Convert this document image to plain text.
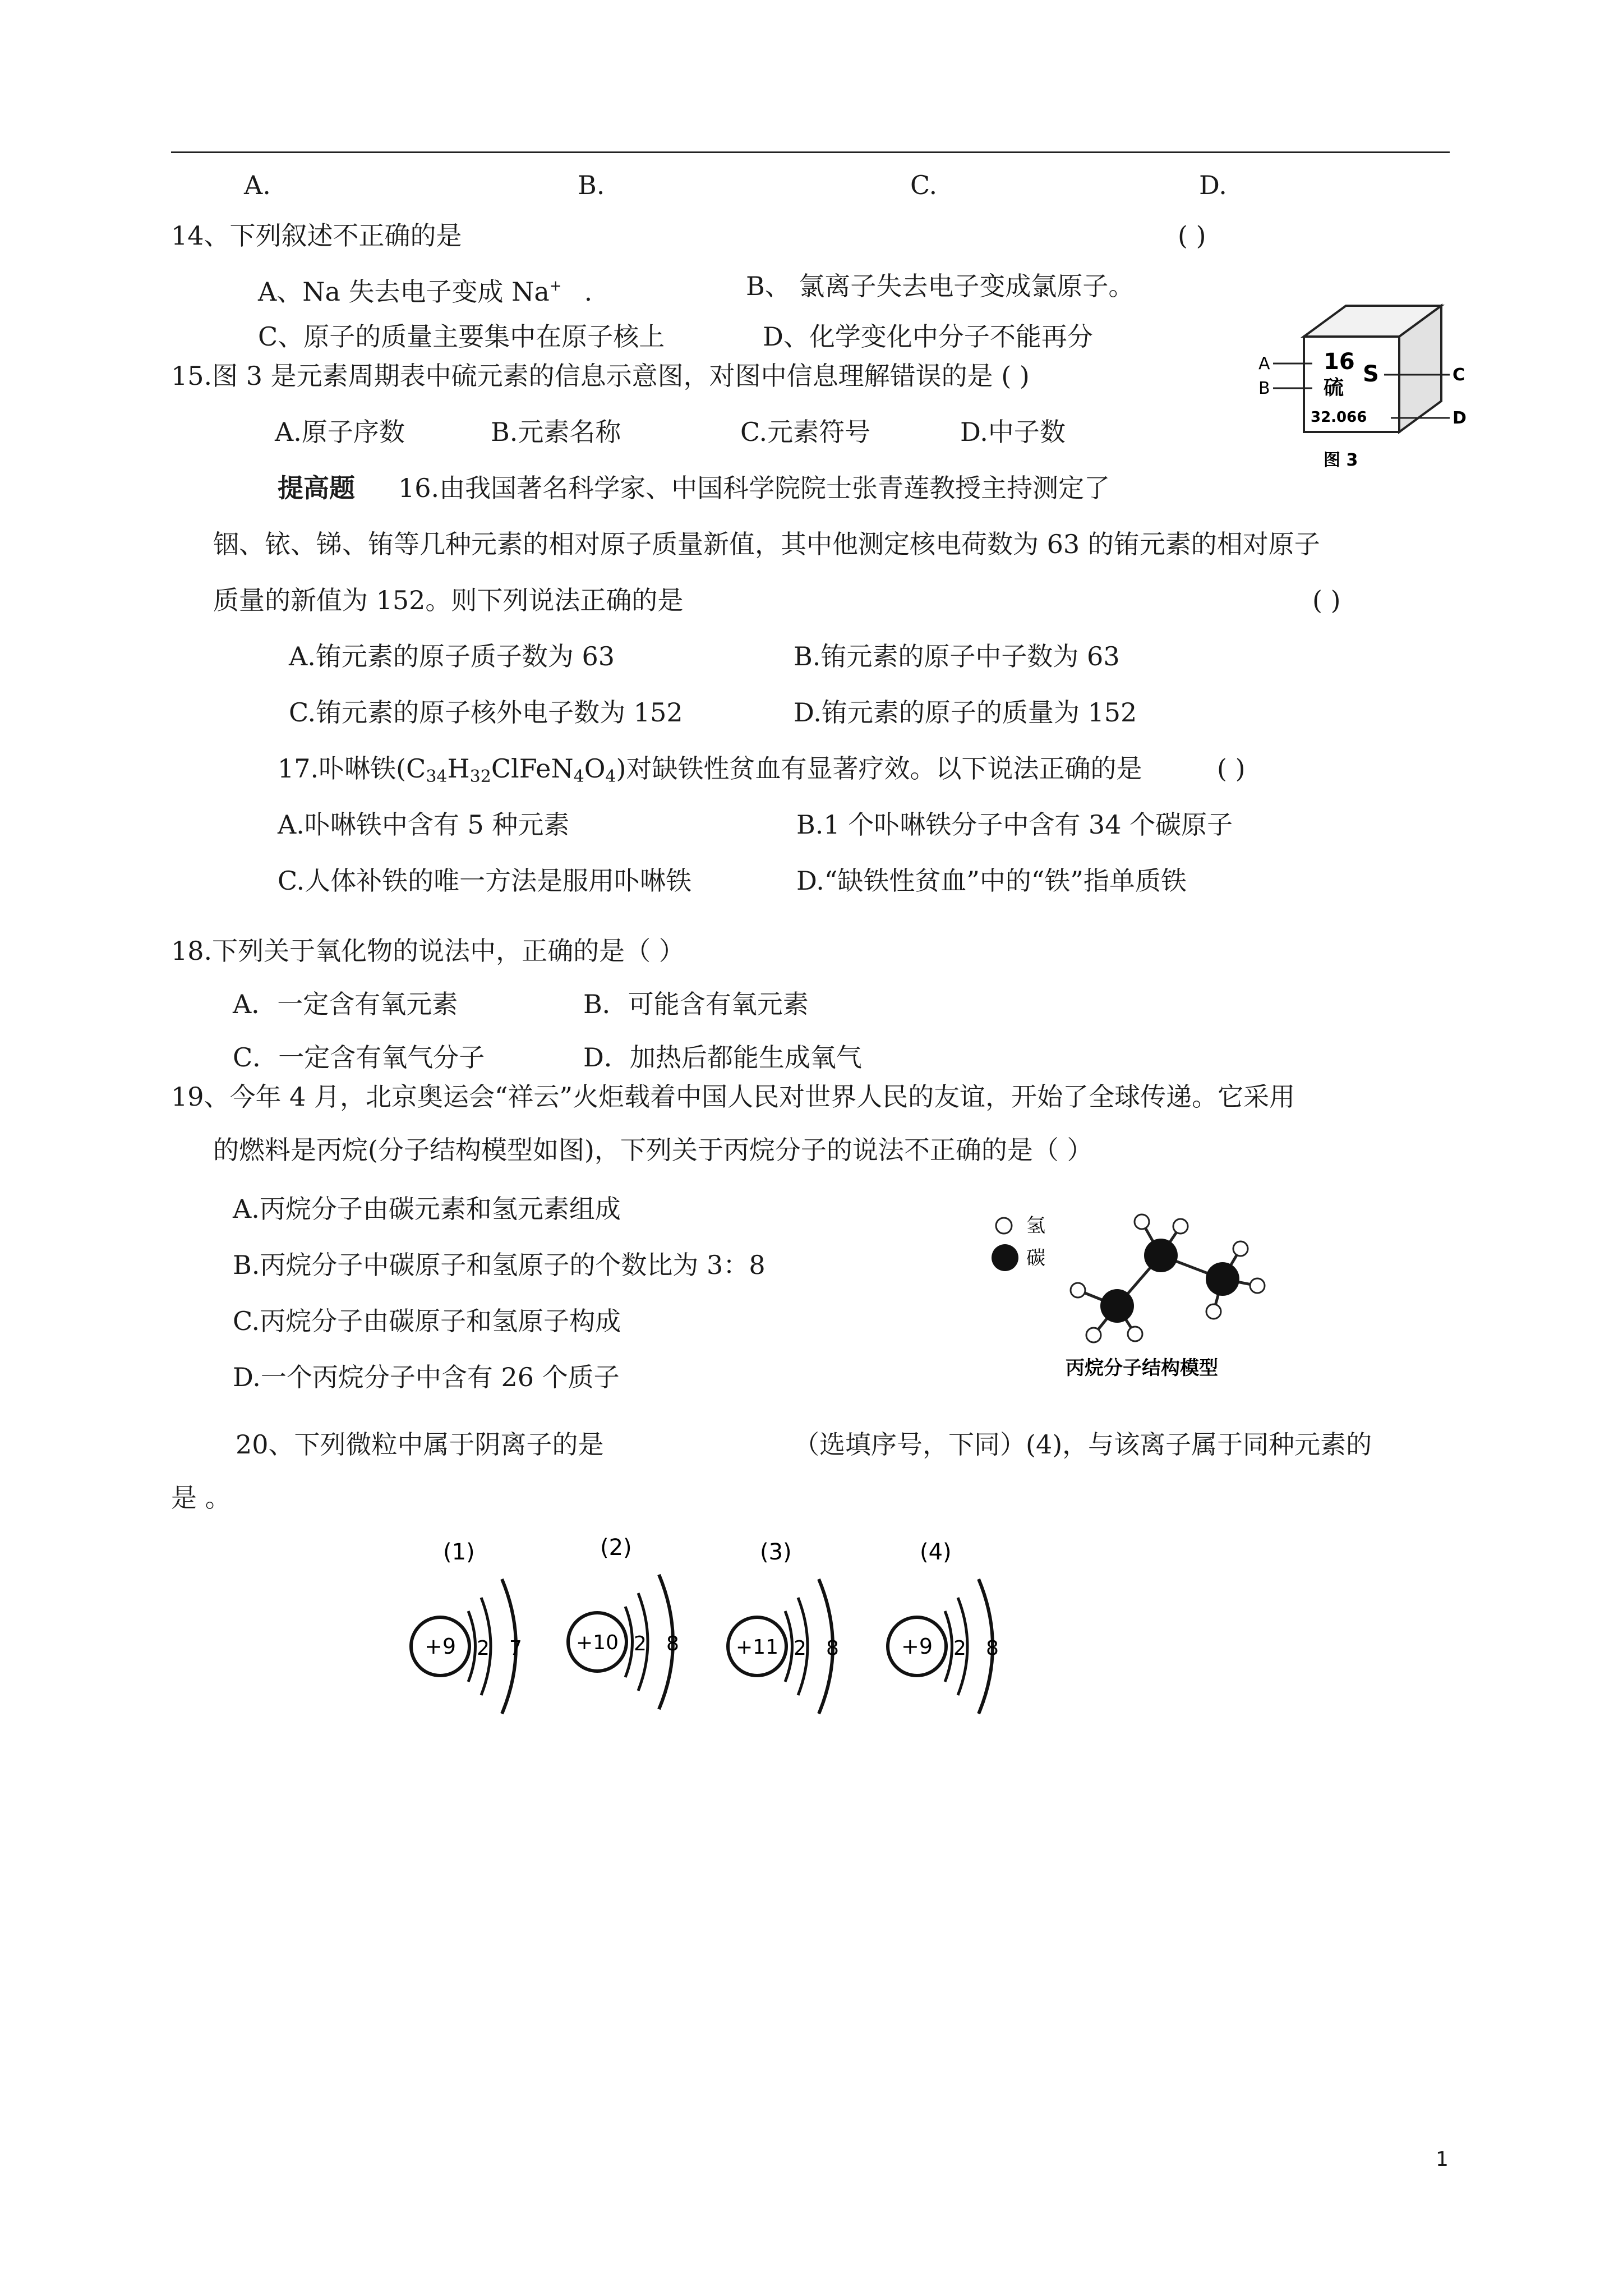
A.	B.	C.	D.
14、下列叙述不正确的是	( )
A、Na 失去电子变成 Na+ .	B、 氯离子失去电子变成氯原子。
C、原子的质量主要集中在原子核上	D、化学变化中分子不能再分
15.图 3 是元素周期表中硫元素的信息示意图，对图中信息理解错误的是 ( )
A.原子序数	B.元素名称	C.元素符号	D.中子数
16
硫
S
32.066
A
B
C
D
图 3
提高题 16.由我国著名科学家、中国科学院院士张青莲教授主持测定了
铟、铱、锑、铕等几种元素的相对原子质量新值，其中他测定核电荷数为 63 的铕元素的相对原子
质量的新值为 152。则下列说法正确的是	( )
A.铕元素的原子质子数为 63	B.铕元素的原子中子数为 63
C.铕元素的原子核外电子数为 152	D.铕元素的原子的质量为 152
17.卟啉铁$(C_{34}H_{32}ClFeN_4O_4)$对缺铁性贫血有显著疗效。以下说法正确的是	( )
A.卟啉铁中含有 5 种元素	B.1 个卟啉铁分子中含有 34 个碳原子
C.人体补铁的唯一方法是服用卟啉铁	D.“缺铁性贫血”中的“铁”指单质铁
18.下列关于氧化物的说法中，正确的是（ ）
A．一定含有氧元素	B．可能含有氧元素
C．一定含有氧气分子	D．加热后都能生成氧气
19、今年 4 月，北京奥运会“祥云”火炬载着中国人民对世界人民的友谊，开始了全球传递。它采用
的燃料是丙烷(分子结构模型如图)，下列关于丙烷分子的说法不正确的是（ ）
A.丙烷分子由碳元素和氢元素组成
B.丙烷分子中碳原子和氢原子的个数比为 3：8
C.丙烷分子由碳原子和氢原子构成
D.一个丙烷分子中含有 26 个质子
氢
碳
丙烷分子结构模型
20、下列微粒中属于阴离子的是	（选填序号，下同）(4)，与该离子属于同种元素的
是 。
(1)
+9 2 7
(2)
+10 2 8
(3)
+11 2 8
(4)
+9 2 8
1
